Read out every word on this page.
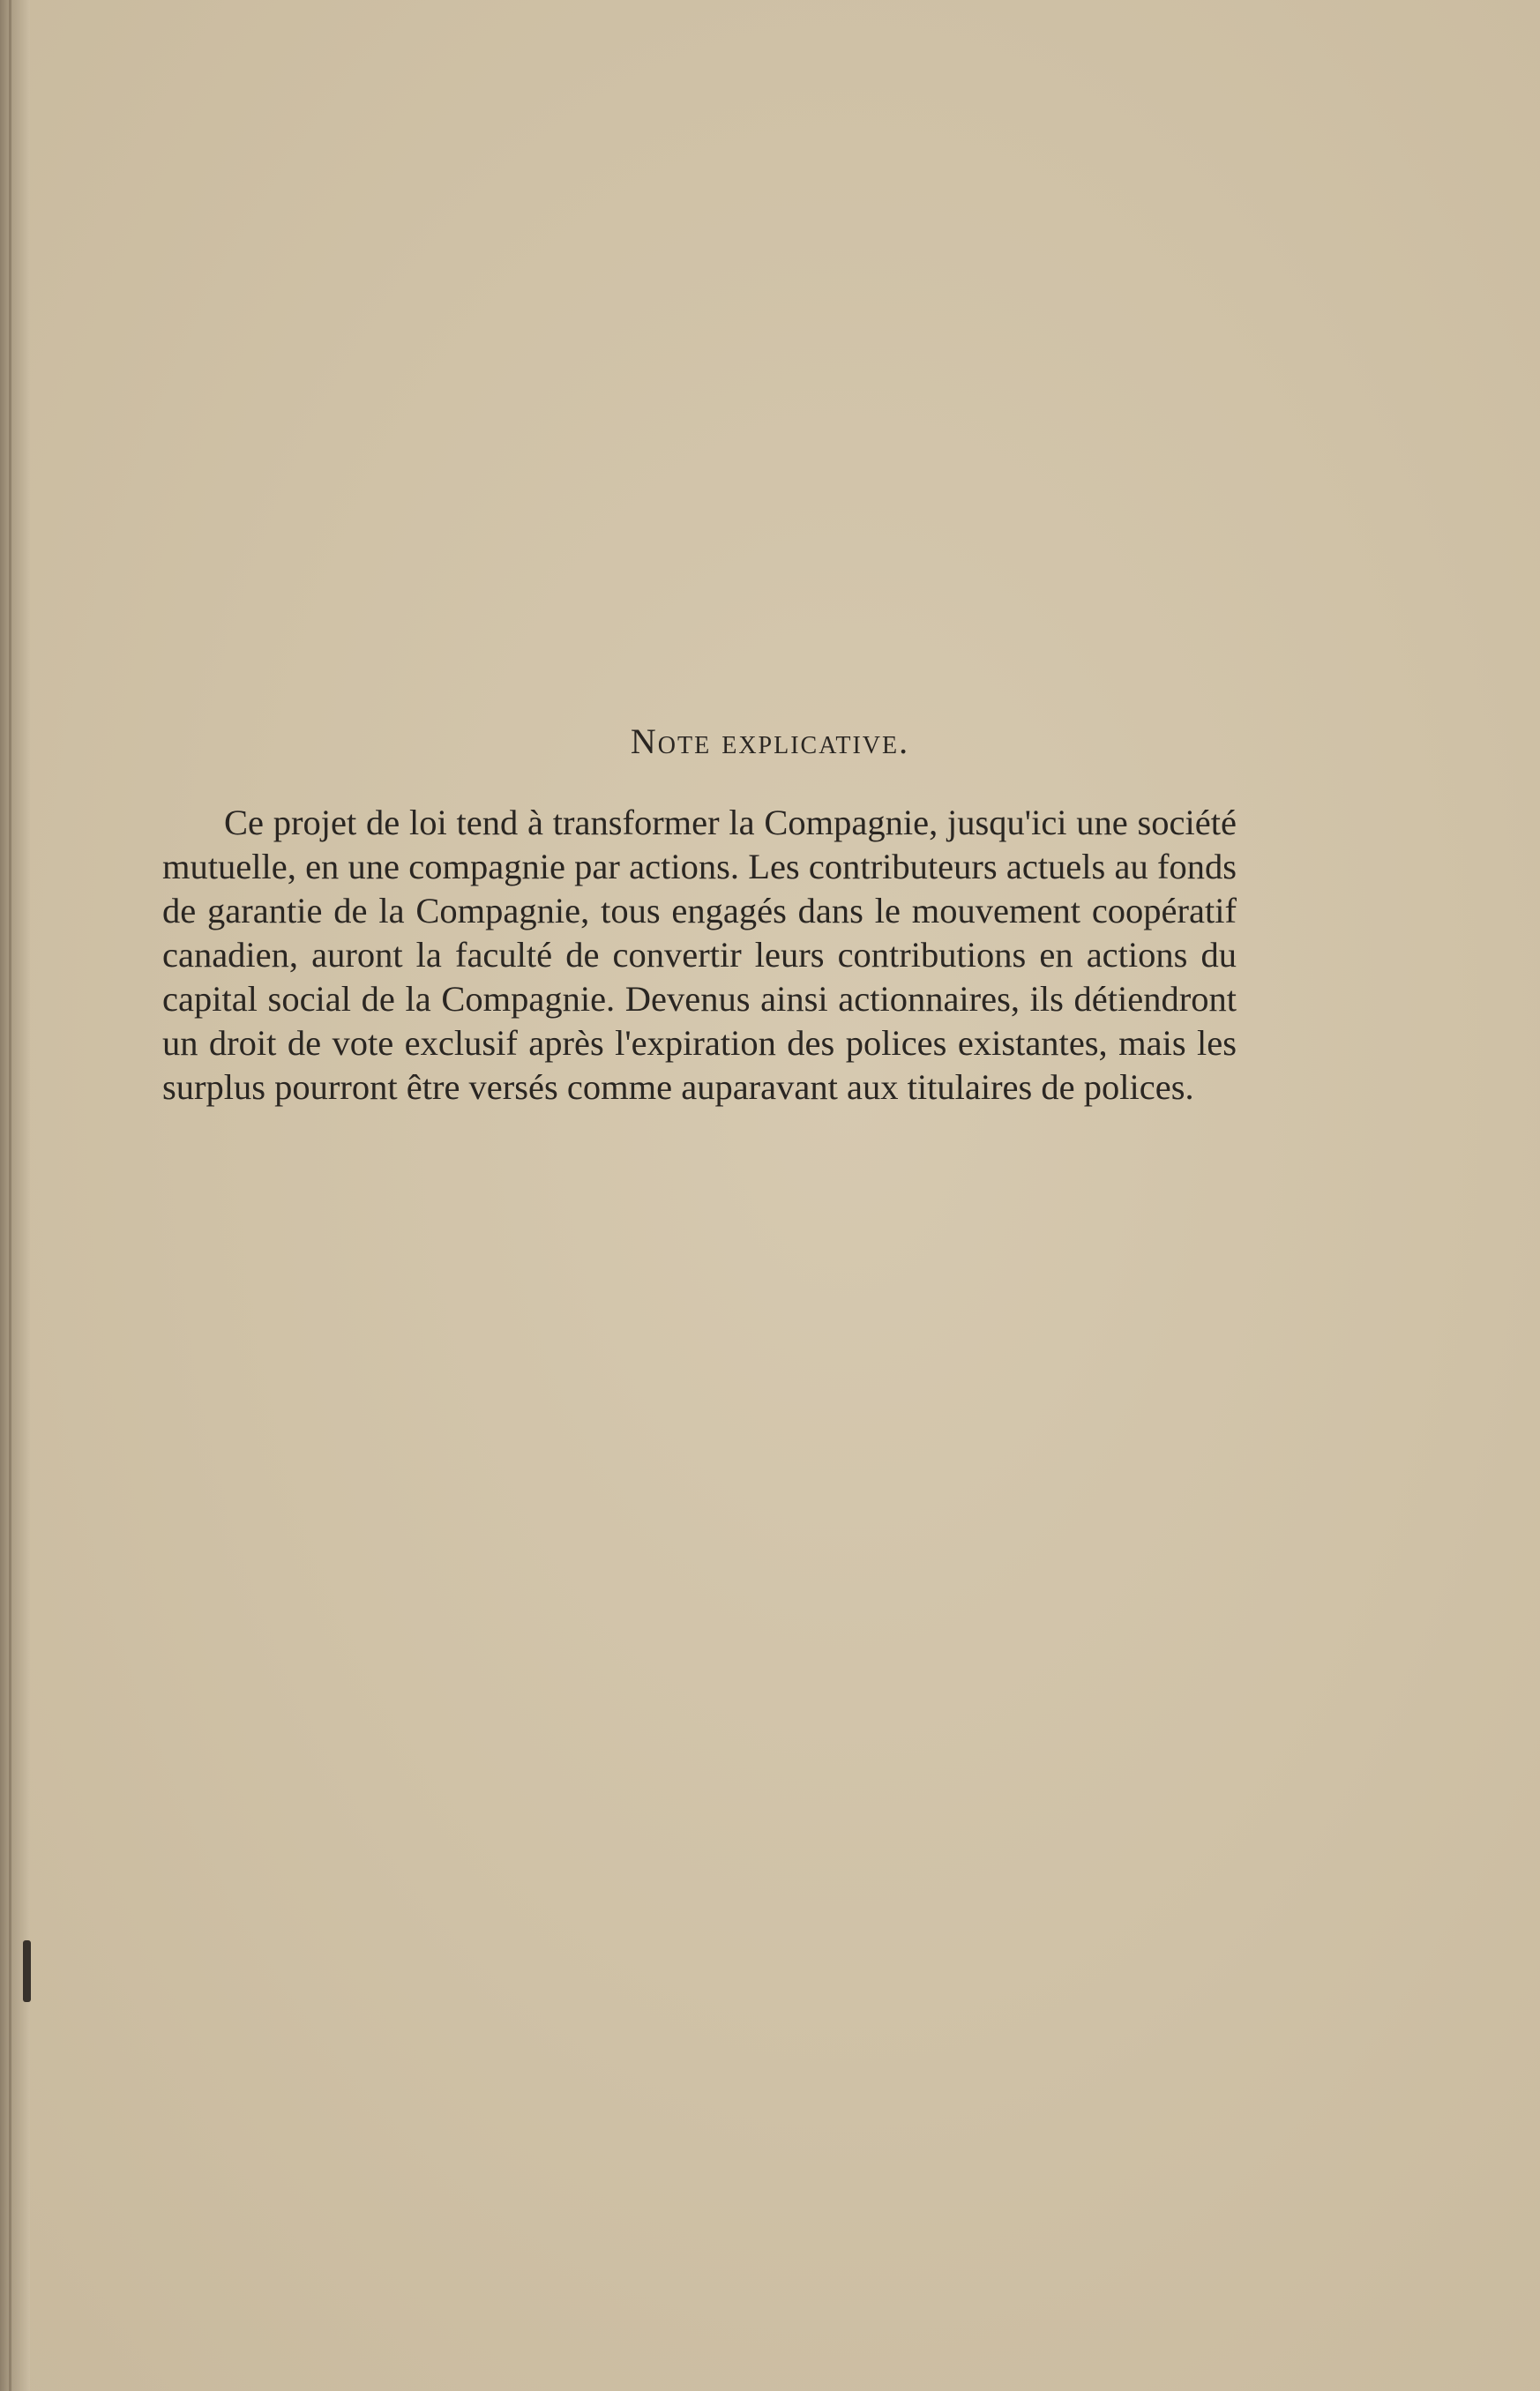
Note explicative.

Ce projet de loi tend à transformer la Compagnie, jusqu'ici une société mutuelle, en une compagnie par actions. Les contributeurs actuels au fonds de garantie de la Compagnie, tous engagés dans le mouvement coopératif canadien, auront la faculté de convertir leurs contributions en actions du capital social de la Compagnie. Devenus ainsi actionnaires, ils détiendront un droit de vote exclusif après l'expiration des polices existantes, mais les surplus pourront être versés comme auparavant aux titulaires de polices.
